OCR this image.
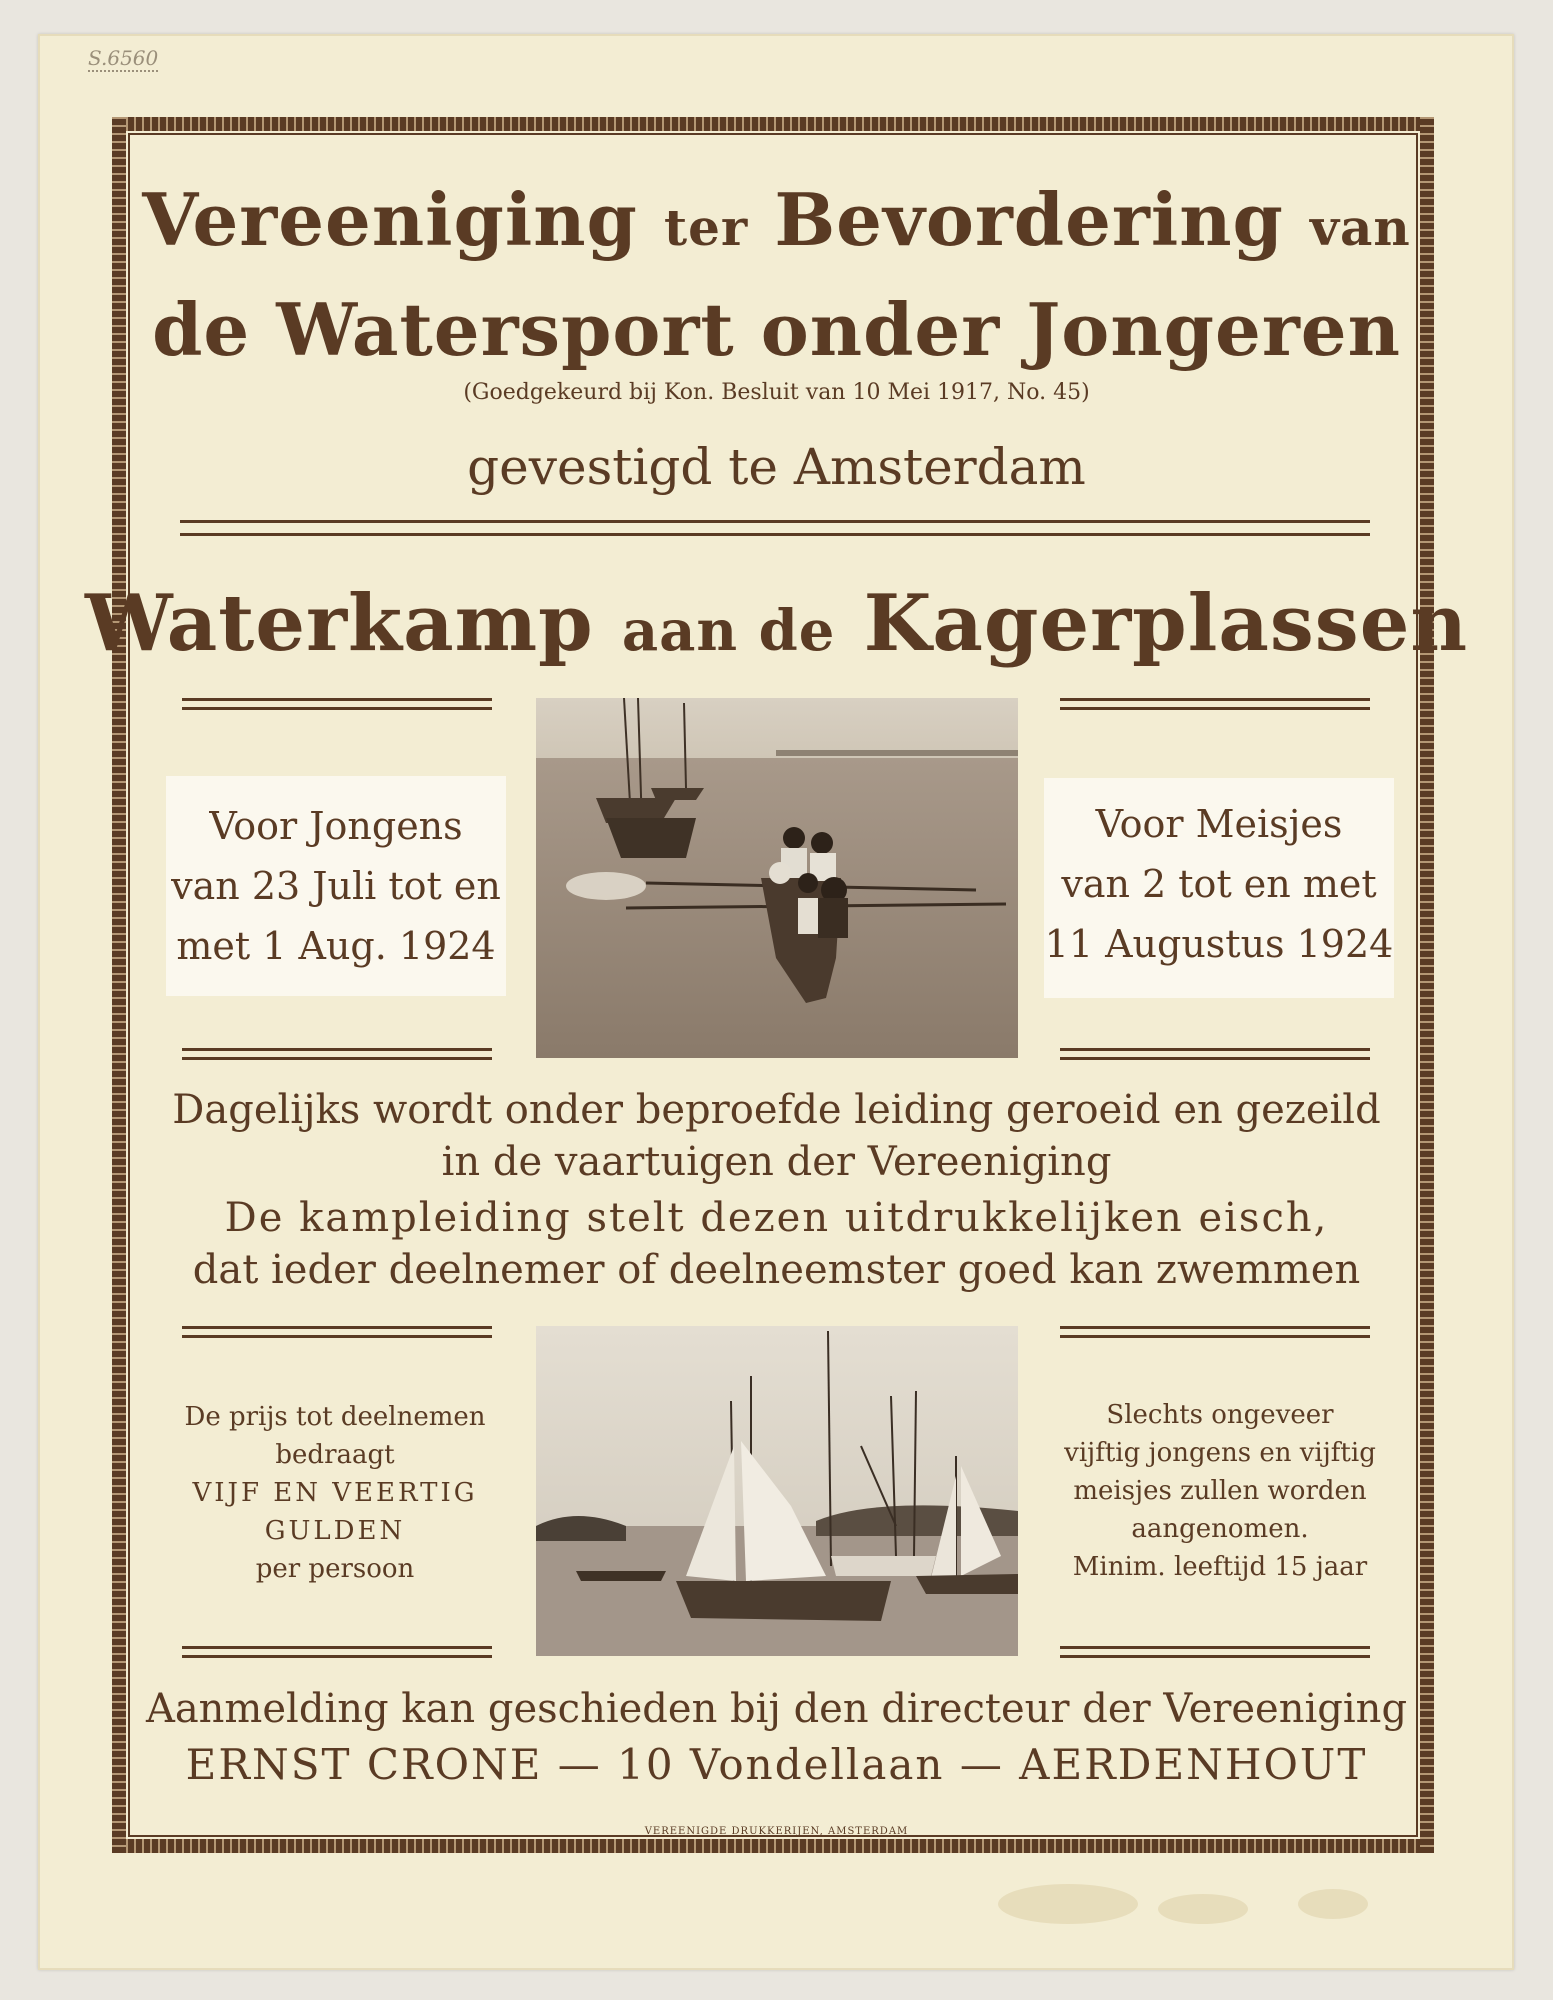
S.6560
Vereeniging ter Bevordering van
de Watersport onder Jongeren
(Goedgekeurd bij Kon. Besluit van 10 Mei 1917, No. 45)
gevestigd te Amsterdam
Waterkamp aan de Kagerplassen
Voor Jongens
van 23 Juli tot en
met 1 Aug. 1924
Voor Meisjes
van 2 tot en met
11 Augustus 1924
Dagelijks wordt onder beproefde leiding geroeid en gezeild
in de vaartuigen der Vereeniging
De kampleiding stelt dezen uitdrukkelijken eisch,
dat ieder deelnemer of deelneemster goed kan zwemmen
De prijs tot deelnemen
bedraagt
VIJF EN VEERTIG
GULDEN
per persoon
Slechts ongeveer
vijftig jongens en vijftig
meisjes zullen worden
aangenomen.
Minim. leeftijd 15 jaar
Aanmelding kan geschieden bij den directeur der Vereeniging
ERNST CRONE — 10 Vondellaan — AERDENHOUT
VEREENIGDE DRUKKERIJEN, AMSTERDAM
